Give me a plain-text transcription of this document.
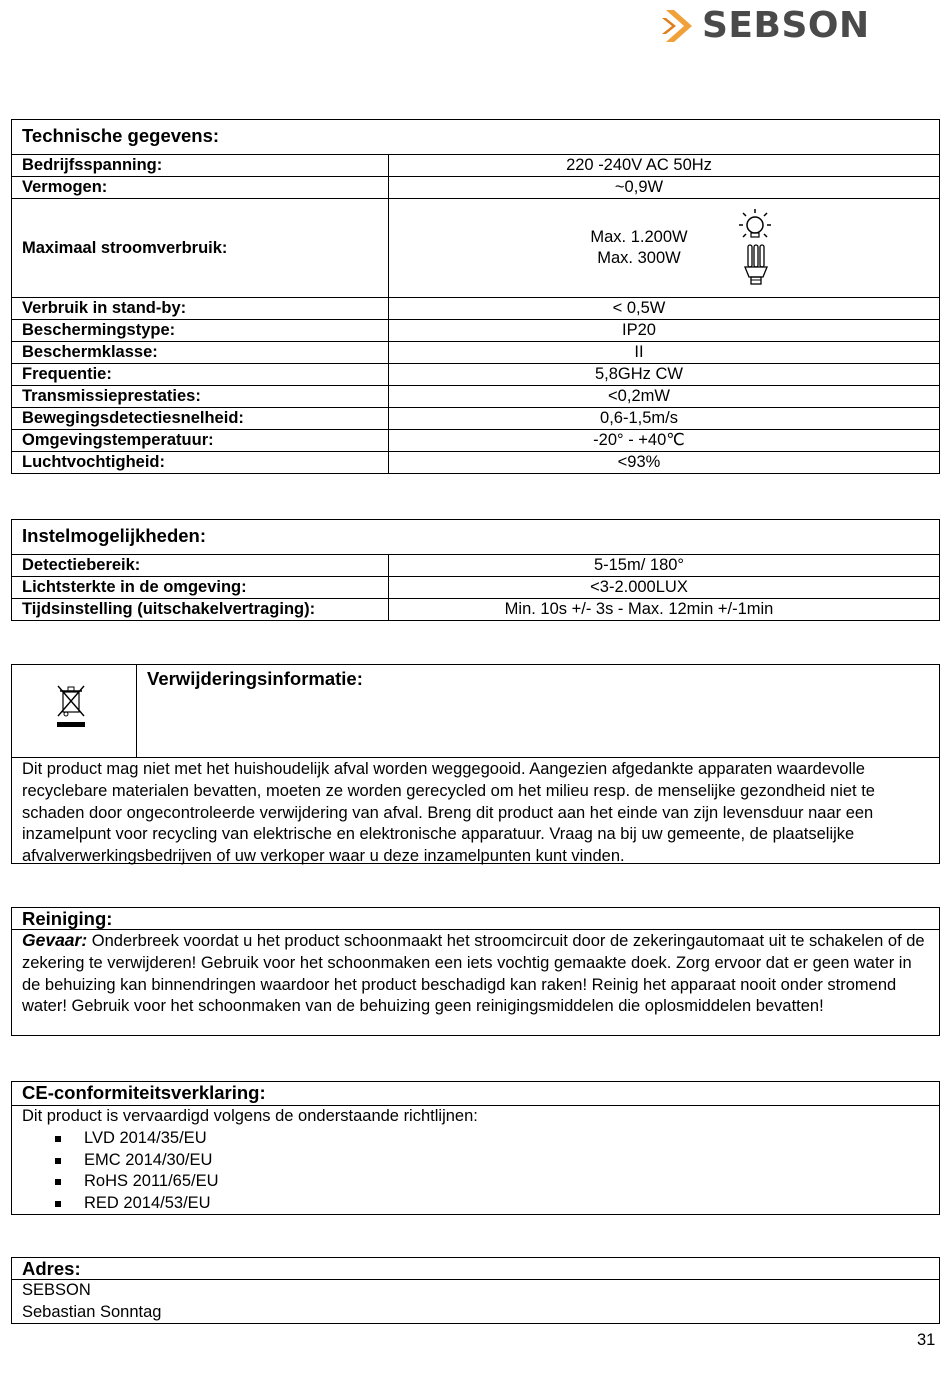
SEBSON
Technische gegevens:
Bedrijfsspanning:	220 -240V AC 50Hz
Vermogen:	~0,9W
Maximaal stroomverbruik:	Max. 1.200W
Max. 300W

Verbruik in stand-by:	< 0,5W
Beschermingstype:	IP20
Beschermklasse:	II
Frequentie:	5,8GHz CW
Transmissieprestaties:	<0,2mW
Bewegingsdetectiesnelheid:	0,6-1,5m/s
Omgevingstemperatuur:	-20° - +40℃
Luchtvochtigheid:	<93%
Instelmogelijkheden:
Detectiebereik:	5-15m/ 180°
Lichtsterkte in de omgeving:	<3-2.000LUX
Tijdsinstelling (uitschakelvertraging):	Min. 10s +/- 3s - Max. 12min +/-1min
Verwijderingsinformatie:
Dit product mag niet met het huishoudelijk afval worden weggegooid. Aangezien afgedankte apparaten waardevolle recyclebare materialen bevatten, moeten ze worden gerecycled om het milieu resp. de menselijke gezondheid niet te schaden door ongecontroleerde verwijdering van afval. Breng dit product aan het einde van zijn levensduur naar een inzamelpunt voor recycling van elektrische en elektronische apparatuur. Vraag na bij uw gemeente, de plaatselijke afvalverwerkingsbedrijven of uw verkoper waar u deze inzamelpunten kunt vinden.
Reiniging:
Gevaar: Onderbreek voordat u het product schoonmaakt het stroomcircuit door de zekeringautomaat uit te schakelen of de zekering te verwijderen! Gebruik voor het schoonmaken een iets vochtig gemaakte doek. Zorg ervoor dat er geen water in de behuizing kan binnendringen waardoor het product beschadigd kan raken! Reinig het apparaat nooit onder stromend water! Gebruik voor het schoonmaken van de behuizing geen reinigingsmiddelen die oplosmiddelen bevatten!
CE-conformiteitsverklaring:
Dit product is vervaardigd volgens de onderstaande richtlijnen:
LVD 2014/35/EU
EMC 2014/30/EU
RoHS 2011/65/EU
RED 2014/53/EU
Adres:
SEBSON
Sebastian Sonntag
31
